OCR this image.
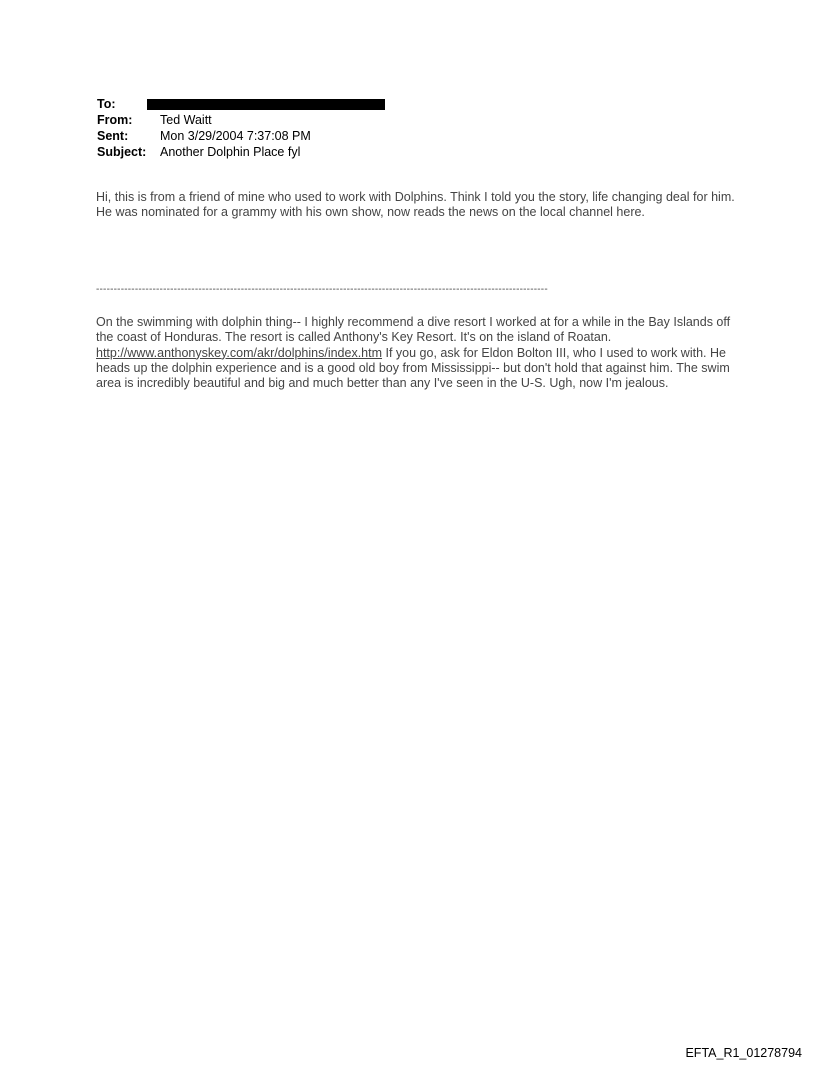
To:
From:	Ted Waitt
Sent:	Mon 3/29/2004 7:37:08 PM
Subject:	Another Dolphin Place fyl

Hi, this is from a friend of mine who used to work with Dolphins. Think I told you the story, life changing deal for him. He was nominated for a grammy with his own show, now reads the news on the local channel here.

--------------------------------------------------------------------------------------------------------------------------------

On the swimming with dolphin thing-- I highly recommend a dive resort I worked at for a while in the Bay Islands off the coast of Honduras. The resort is called Anthony's Key Resort. It's on the island of Roatan. http://www.anthonyskey.com/akr/dolphins/index.htm If you go, ask for Eldon Bolton III, who I used to work with. He heads up the dolphin experience and is a good old boy from Mississippi-- but don't hold that against him. The swim area is incredibly beautiful and big and much better than any I've seen in the U-S. Ugh, now I'm jealous.

EFTA_R1_01278794
